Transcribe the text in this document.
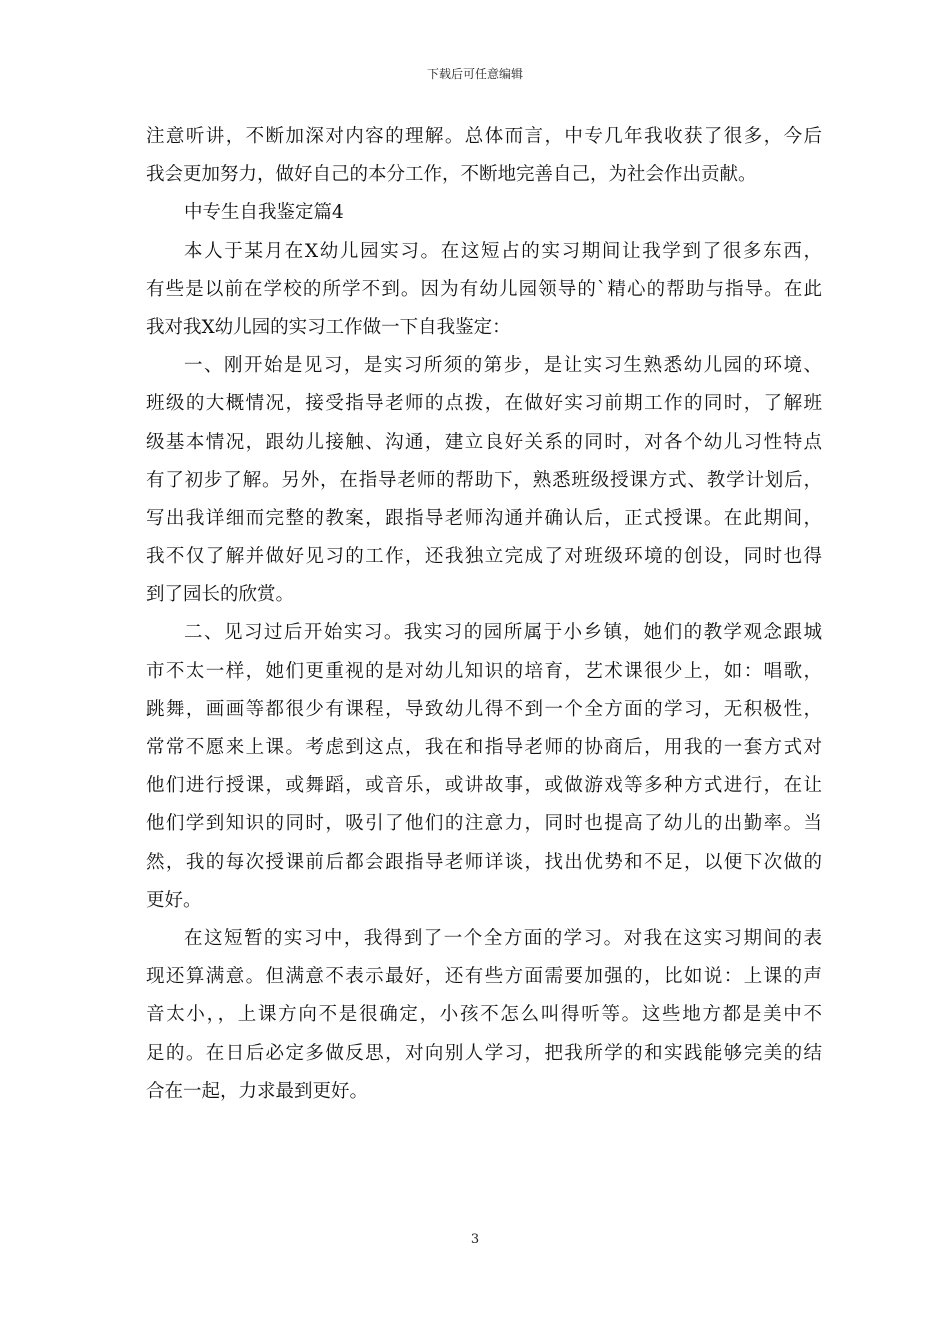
下载后可任意编辑
注意听讲，不断加深对内容的理解。总体而言，中专几年我收获了很多，今后
我会更加努力，做好自己的本分工作，不断地完善自己，为社会作出贡献。
中专生自我鉴定篇4
本人于某月在X幼儿园实习。在这短占的实习期间让我学到了很多东西，
有些是以前在学校的所学不到。因为有幼儿园领导的`精心的帮助与指导。在此
我对我X幼儿园的实习工作做一下自我鉴定：
一、刚开始是见习，是实习所须的第步，是让实习生熟悉幼儿园的环境、
班级的大概情况，接受指导老师的点拨，在做好实习前期工作的同时，了解班
级基本情况，跟幼儿接触、沟通，建立良好关系的同时，对各个幼儿习性特点
有了初步了解。另外，在指导老师的帮助下，熟悉班级授课方式、教学计划后，
写出我详细而完整的教案，跟指导老师沟通并确认后，正式授课。在此期间，
我不仅了解并做好见习的工作，还我独立完成了对班级环境的创设，同时也得
到了园长的欣赏。
二、见习过后开始实习。我实习的园所属于小乡镇，她们的教学观念跟城
市不太一样，她们更重视的是对幼儿知识的培育，艺术课很少上，如：唱歌，
跳舞，画画等都很少有课程，导致幼儿得不到一个全方面的学习，无积极性，
常常不愿来上课。考虑到这点，我在和指导老师的协商后，用我的一套方式对
他们进行授课，或舞蹈，或音乐，或讲故事，或做游戏等多种方式进行，在让
他们学到知识的同时，吸引了他们的注意力，同时也提高了幼儿的出勤率。当
然，我的每次授课前后都会跟指导老师详谈，找出优势和不足，以便下次做的
更好。
在这短暂的实习中，我得到了一个全方面的学习。对我在这实习期间的表
现还算满意。但满意不表示最好，还有些方面需要加强的，比如说：上课的声
音太小，，上课方向不是很确定，小孩不怎么叫得听等。这些地方都是美中不
足的。在日后必定多做反思，对向别人学习，把我所学的和实践能够完美的结
合在一起，力求最到更好。
3
